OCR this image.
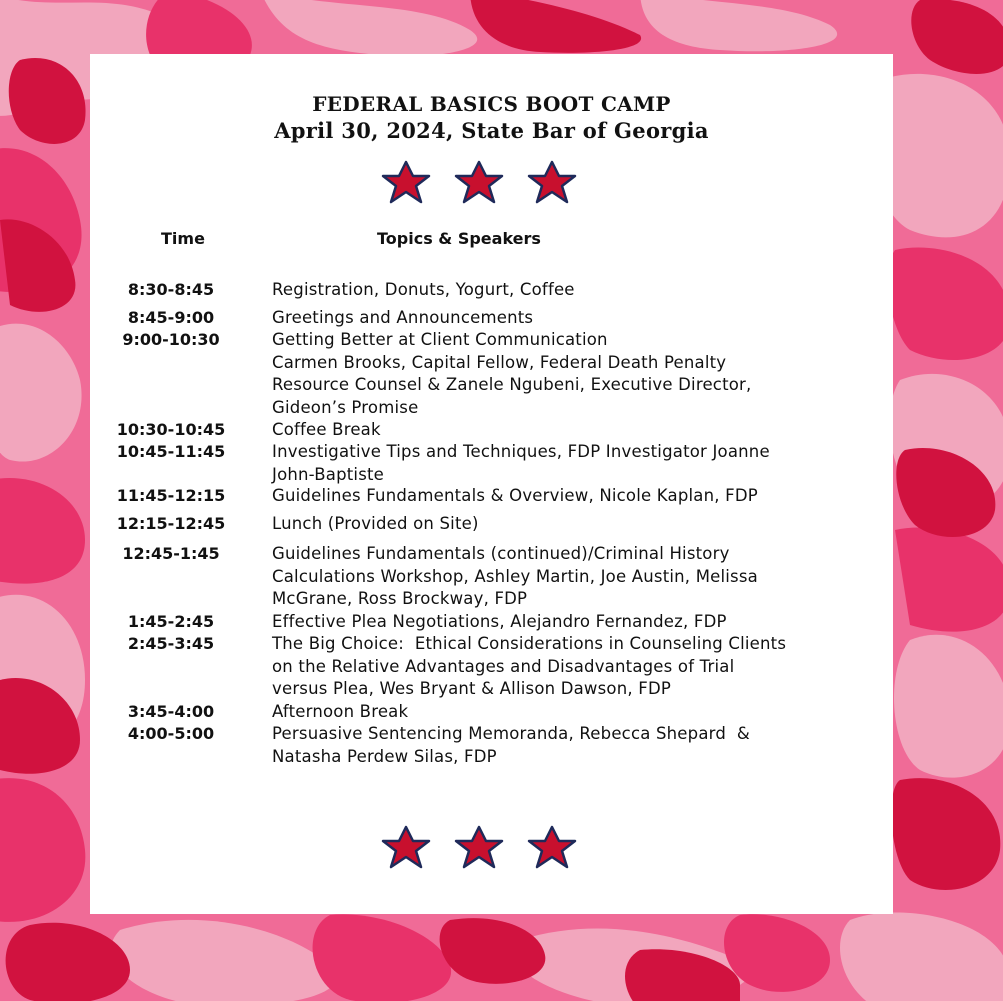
FEDERAL BASICS BOOT CAMP
April 30, 2024, State Bar of Georgia
Time	Topics & Speakers
8:30-8:45	Registration, Donuts, Yogurt, Coffee
8:45-9:00	Greetings and Announcements
9:00-10:30	Getting Better at Client Communication
Carmen Brooks, Capital Fellow, Federal Death Penalty
Resource Counsel & Zanele Ngubeni, Executive Director,
Gideon’s Promise
10:30-10:45	Coffee Break
10:45-11:45	Investigative Tips and Techniques, FDP Investigator Joanne
John-Baptiste
11:45-12:15	Guidelines Fundamentals & Overview, Nicole Kaplan, FDP
12:15-12:45	Lunch (Provided on Site)
12:45-1:45	Guidelines Fundamentals (continued)/Criminal History
Calculations Workshop, Ashley Martin, Joe Austin, Melissa
McGrane, Ross Brockway, FDP
1:45-2:45	Effective Plea Negotiations, Alejandro Fernandez, FDP
2:45-3:45	The Big Choice:  Ethical Considerations in Counseling Clients
on the Relative Advantages and Disadvantages of Trial
versus Plea, Wes Bryant & Allison Dawson, FDP
3:45-4:00	Afternoon Break
4:00-5:00	Persuasive Sentencing Memoranda, Rebecca Shepard  &
Natasha Perdew Silas, FDP
